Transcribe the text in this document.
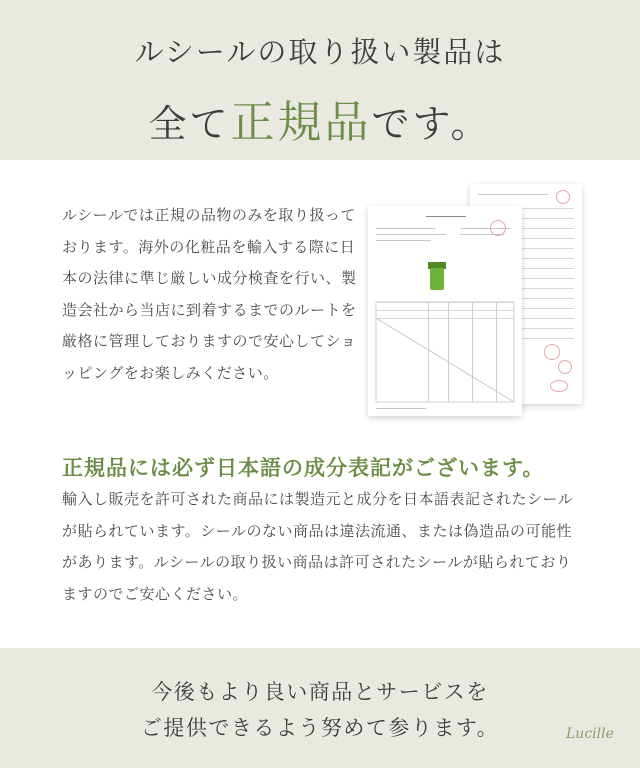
ルシールの取り扱い製品は
全て正規品です。
ルシールでは正規の品物のみを取り扱っております。海外の化粧品を輸入する際に日本の法律に準じ厳しい成分検査を行い、製造会社から当店に到着するまでのルートを厳格に管理しておりますので安心してショッピングをお楽しみください。
正規品には必ず日本語の成分表記がございます。
輸入し販売を許可された商品には製造元と成分を日本語表記されたシールが貼られています。シールのない商品は違法流通、または偽造品の可能性があります。ルシールの取り扱い商品は許可されたシールが貼られておりますのでご安心ください。
今後もより良い商品とサービスを
ご提供できるよう努めて参ります。	Lucille
